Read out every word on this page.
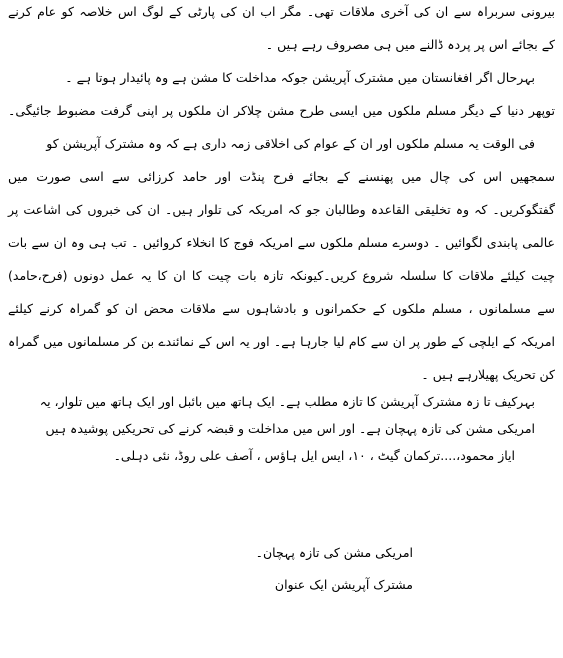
بیرونی سربراہ سے ان کی آخری ملاقات تھی۔ مگر اب ان کی پارٹی کے لوگ اس خلاصہ کو عام کرنے
کے بجائے اس پر پردہ ڈالنے میں ہی مصروف رہے ہیں ۔
بہرحال اگر افغانستان میں مشترک آپریشن جوکہ مداخلت کا مشن ہے وہ پائیدار ہوتا ہے ۔
توپھر دنیا کے دیگر مسلم ملکوں میں ایسی طرح مشن چلاکر ان ملکوں پر اپنی گرفت مضبوط جائیگی۔
فی الوقت یہ مسلم ملکوں اور ان کے عوام کی اخلاقی زمہ داری ہے کہ وہ مشترک آپریشن کو
سمجھیں اس کی چال میں پھنسنے کے بجائے فرح پنڈت اور حامد کرزائی سے اسی صورت میں
گفتگوکریں۔ کہ وہ تخلیقی القاعدہ وطالبان جو کہ امریکہ کی تلوار ہیں۔ ان کی خبروں کی اشاعت پر
عالمی پابندی لگوائیں ۔ دوسرے مسلم ملکوں سے امریکہ فوج کا انخلاء کروائیں ۔ تب ہی وہ ان سے بات
چیت کیلئے ملاقات کا سلسلہ شروع کریں۔کیونکہ تازہ بات چیت کا ان کا یہ عمل دونوں (فرح،حامد)
سے مسلمانوں ، مسلم ملکوں کے حکمرانوں و بادشاہوں سے ملاقات محض ان کو گمراہ کرنے کیلئے
امریکہ کے ایلچی کے طور پر ان سے کام لیا جارہا ہے۔ اور یہ اس کے نمائندے بن کر مسلمانوں میں گمراہ
کن تحریک پھیلارہے ہیں ۔
بہرکیف تا زہ مشترک آپریشن کا تازہ مطلب ہے۔ ایک ہاتھ میں بائبل اور ایک ہاتھ میں تلوار، یہ
امریکی مشن کی تازہ پہچان ہے۔ اور اس میں مداخلت و قبضہ کرنے کی تحریکیں پوشیدہ ہیں
ایاز محمود،....ترکمان گیٹ ، ۱۰، ایس ایل ہاؤس ، آصف علی روڈ، نئی دہلی۔
امریکی مشن کی تازہ پہچان۔
مشترک آپریشن ایک عنوان
